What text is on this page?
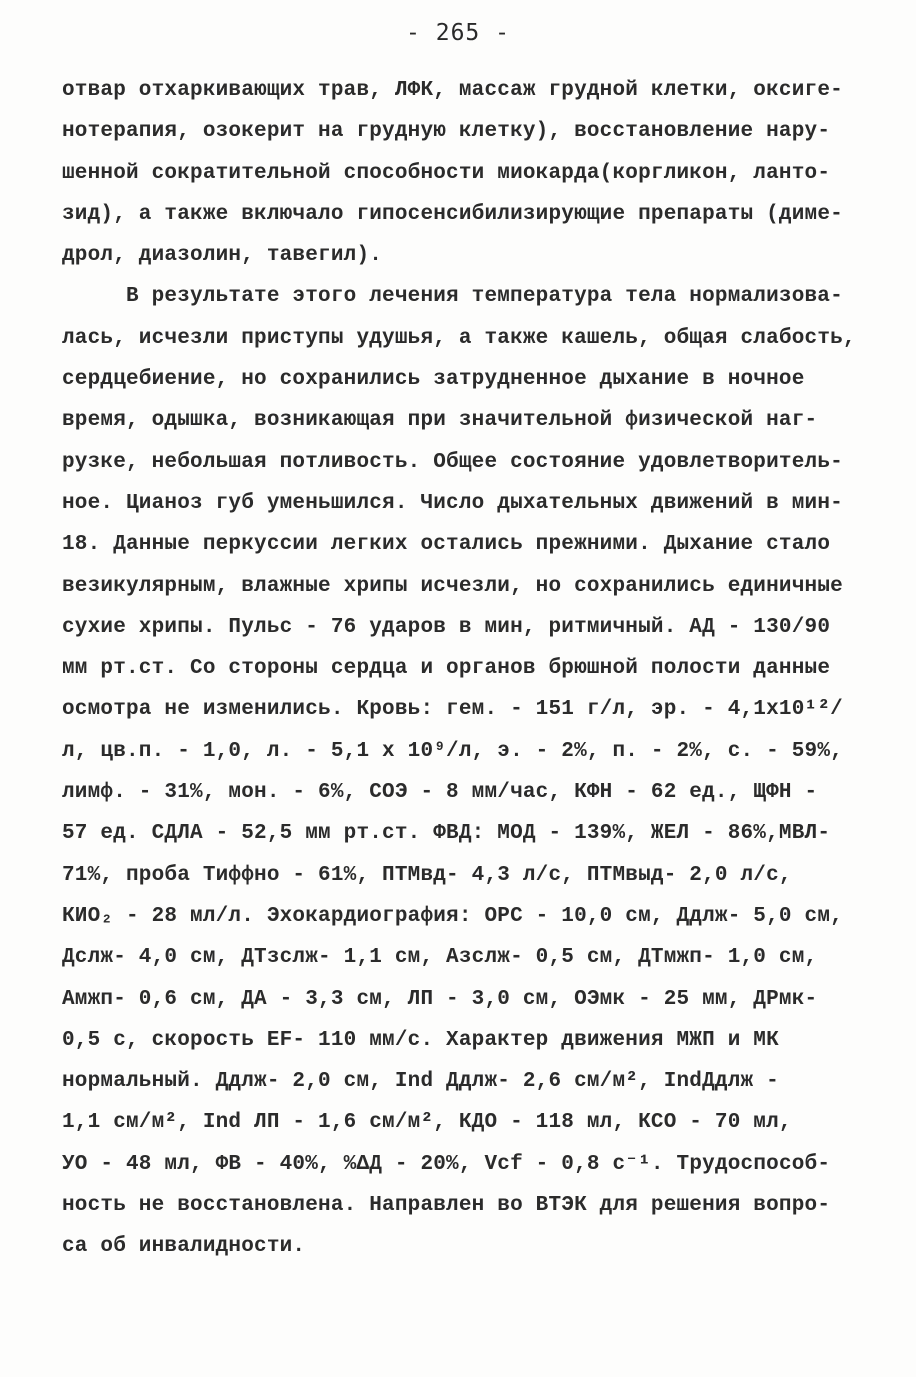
- 265 -
отвар отхаркивающих трав, ЛФК, массаж грудной клетки, оксиге-
нотерапия, озокерит на грудную клетку), восстановление нару-
шенной сократительной способности миокарда(коргликон, ланто-
зид), а также включало гипосенсибилизирующие препараты (диме-
дрол, диазолин, тавегил).
В результате этого лечения температура тела нормализова-
лась, исчезли приступы удушья, а также кашель, общая слабость,
сердцебиение, но сохранились затрудненное дыхание в ночное
время, одышка, возникающая при значительной физической наг-
рузке, небольшая потливость. Общее состояние удовлетворитель-
ное. Цианоз губ уменьшился. Число дыхательных движений в мин-
18. Данные перкуссии легких остались прежними. Дыхание стало
везикулярным, влажные хрипы исчезли, но сохранились единичные
сухие хрипы. Пульс - 76 ударов в мин, ритмичный. АД - 130/90
мм рт.ст. Со стороны сердца и органов брюшной полости данные
осмотра не изменились. Кровь: гем. - 151 г/л, эр. - 4,1х10¹²/
л, цв.п. - 1,0, л. - 5,1 х 10⁹/л, э. - 2%, п. - 2%, с. - 59%,
лимф. - 31%, мон. - 6%, СОЭ - 8 мм/час, КФН - 62 ед., ЩФН -
57 ед. СДЛА - 52,5 мм рт.ст. ФВД: МОД - 139%, ЖЕЛ - 86%,МВЛ-
71%, проба Тиффно - 61%, ПТМвд- 4,3 л/с, ПТМвыд- 2,0 л/с,
КИО₂ - 28 мл/л. Эхокардиография: ОРС - 10,0 см, Ддлж- 5,0 см,
Дслж- 4,0 см, ДТзслж- 1,1 см, Азслж- 0,5 см, ДТмжп- 1,0 см,
Амжп- 0,6 см, ДА - 3,3 см, ЛП - 3,0 см, ОЭмк - 25 мм, ДРмк-
0,5 с, скорость EF- 110 мм/с. Характер движения МЖП и МК
нормальный. Ддлж- 2,0 см, Ind Ддлж- 2,6 см/м², IndДдлж -
1,1 см/м², Ind ЛП - 1,6 см/м², КДО - 118 мл, КСО - 70 мл,
УО - 48 мл, ФВ - 40%, %ΔД - 20%, Vcf - 0,8 с⁻¹. Трудоспособ-
ность не восстановлена. Направлен во ВТЭК для решения вопро-
са об инвалидности.
